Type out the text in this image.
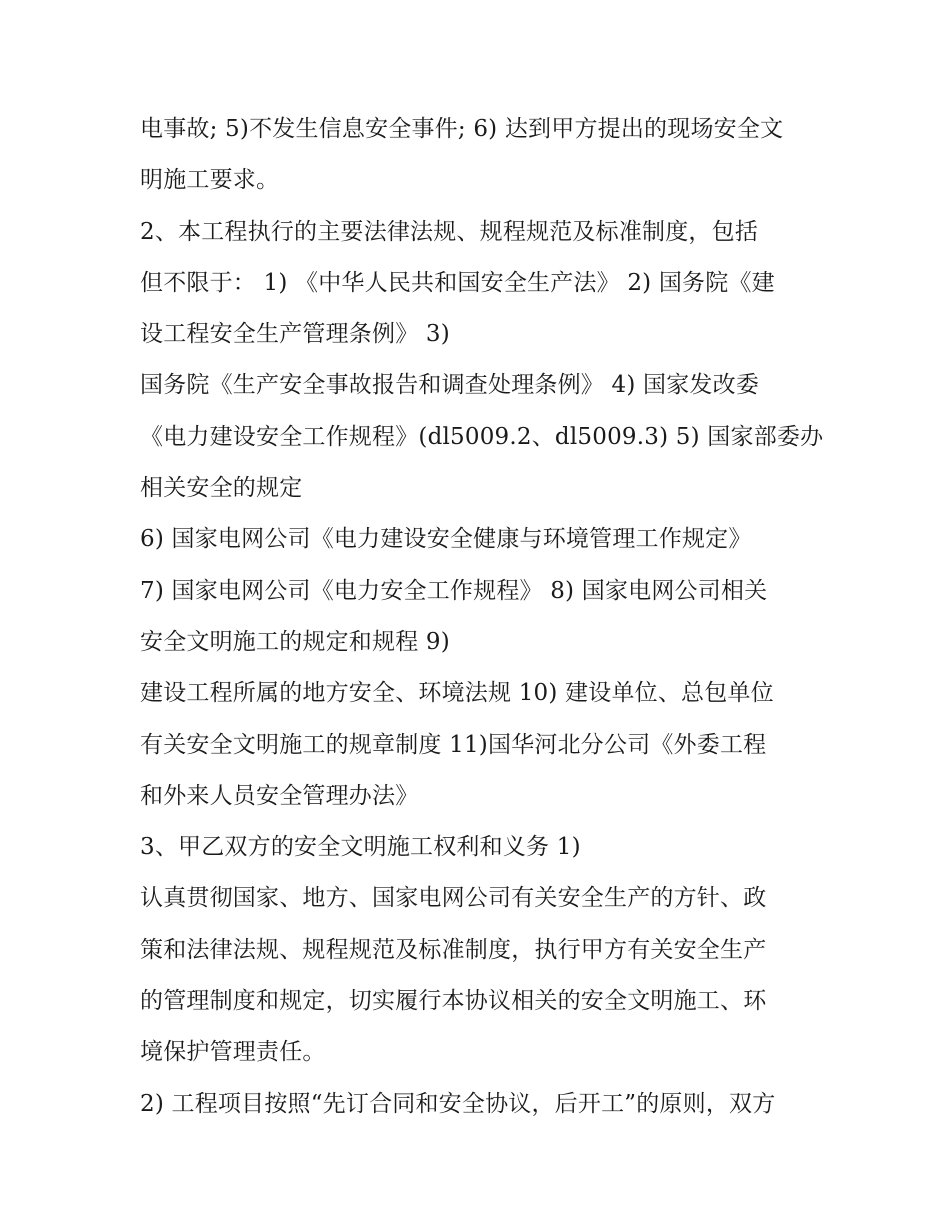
电事故; 5)不发生信息安全事件; 6) 达到甲方提出的现场安全文
明施工要求。
2、本工程执行的主要法律法规、规程规范及标准制度，包括
但不限于： 1) 《中华人民共和国安全生产法》 2) 国务院《建
设工程安全生产管理条例》 3)
国务院《生产安全事故报告和调查处理条例》 4) 国家发改委
《电力建设安全工作规程》(dl5009.2、dl5009.3) 5) 国家部委办
相关安全的规定
6) 国家电网公司《电力建设安全健康与环境管理工作规定》
7) 国家电网公司《电力安全工作规程》 8) 国家电网公司相关
安全文明施工的规定和规程 9)
建设工程所属的地方安全、环境法规 10) 建设单位、总包单位
有关安全文明施工的规章制度 11)国华河北分公司《外委工程
和外来人员安全管理办法》
3、甲乙双方的安全文明施工权利和义务 1)
认真贯彻国家、地方、国家电网公司有关安全生产的方针、政
策和法律法规、规程规范及标准制度，执行甲方有关安全生产
的管理制度和规定，切实履行本协议相关的安全文明施工、环
境保护管理责任。
2) 工程项目按照“先订合同和安全协议，后开工”的原则，双方
